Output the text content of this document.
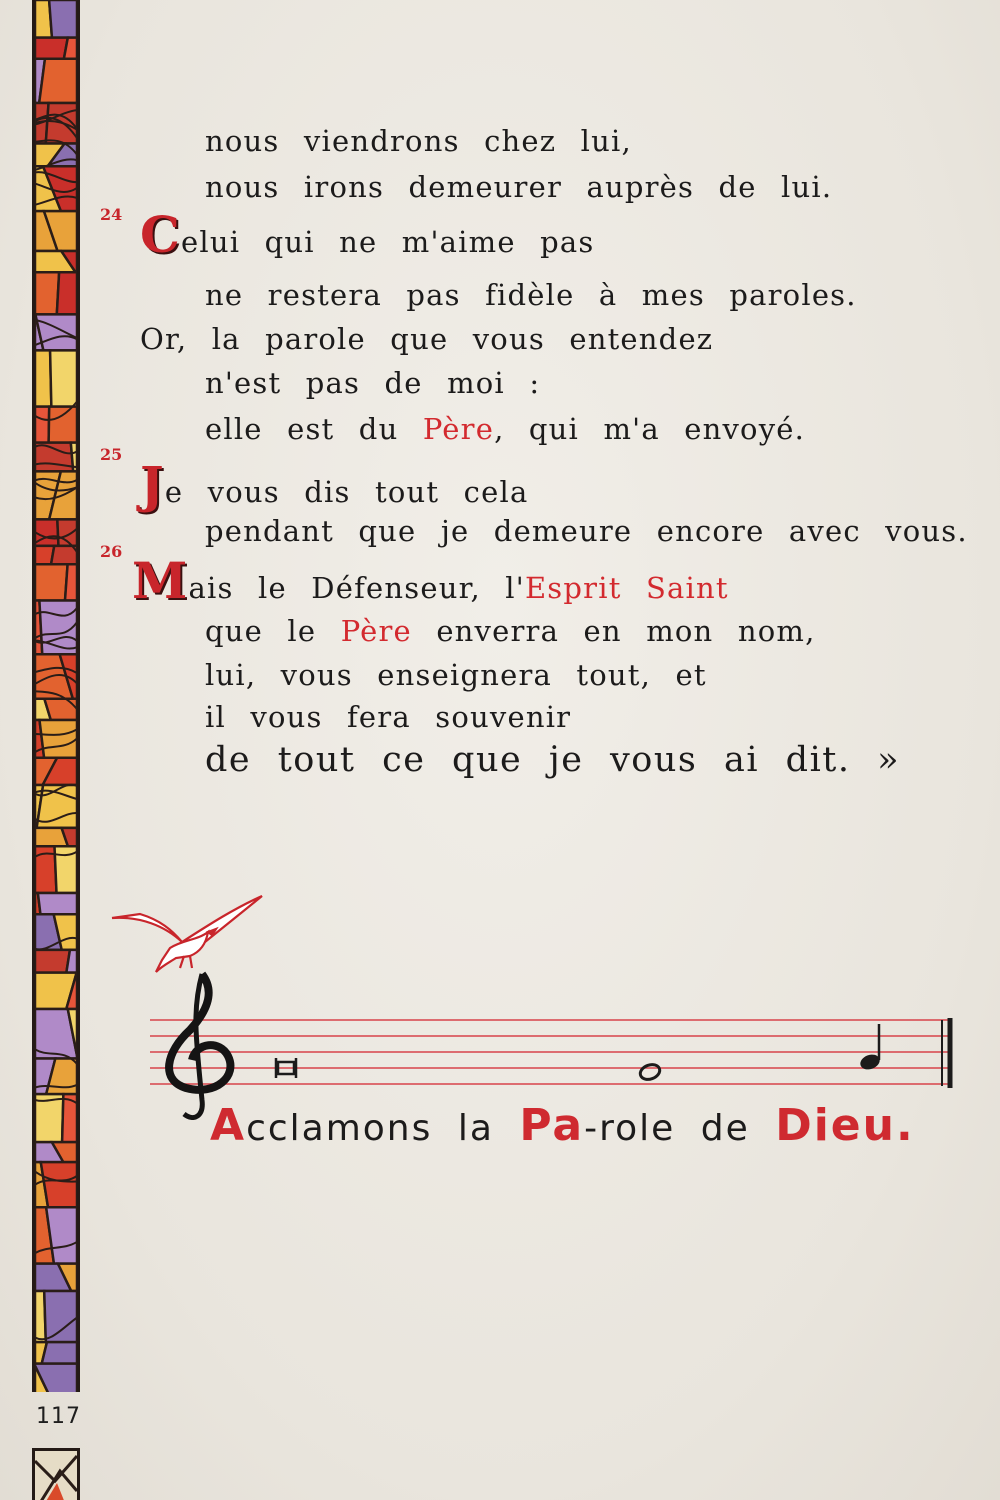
nous viendrons chez lui,
nous irons demeurer auprès de lui.
24 Celui qui ne m'aime pas
ne restera pas fidèle à mes paroles.
Or, la parole que vous entendez
n'est pas de moi :
elle est du Père, qui m'a envoyé.
25
Je vous dis tout cela
pendant que je demeure encore avec vous.
26 Mais le Défenseur, l'Esprit Saint
que le Père enverra en mon nom,
lui, vous enseignera tout, et
il vous fera souvenir
de tout ce que je vous ai dit. »
Acclamons la Pa-role de Dieu.
117
